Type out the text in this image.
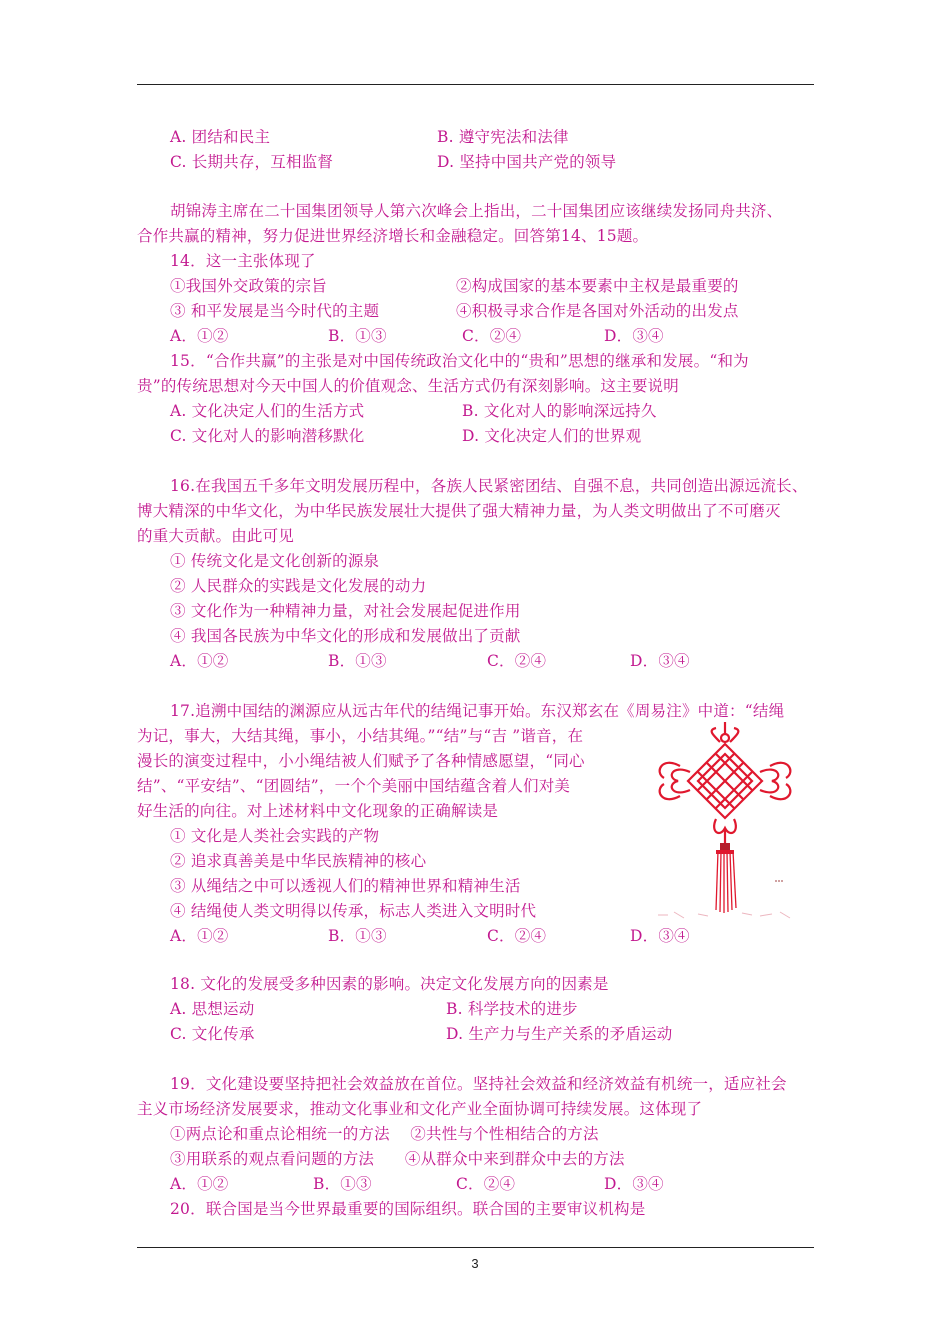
A. 团结和民主	B. 遵守宪法和法律
C. 长期共存，互相监督	D. 坚持中国共产党的领导
胡锦涛主席在二十国集团领导人第六次峰会上指出，二十国集团应该继续发扬同舟共济、
合作共赢的精神，努力促进世界经济增长和金融稳定。回答第14、15题。
14．这一主张体现了
①我国外交政策的宗旨	②构成国家的基本要素中主权是最重要的
③ 和平发展是当今时代的主题	④积极寻求合作是各国对外活动的出发点
A．①②	B．①③	C．②④	D．③④
15．“合作共赢”的主张是对中国传统政治文化中的“贵和”思想的继承和发展。“和为
贵”的传统思想对今天中国人的价值观念、生活方式仍有深刻影响。这主要说明
A. 文化决定人们的生活方式	B. 文化对人的影响深远持久
C. 文化对人的影响潜移默化	D. 文化决定人们的世界观
16.在我国五千多年文明发展历程中，各族人民紧密团结、自强不息，共同创造出源远流长、
博大精深的中华文化，为中华民族发展壮大提供了强大精神力量，为人类文明做出了不可磨灭
的重大贡献。由此可见
① 传统文化是文化创新的源泉
② 人民群众的实践是文化发展的动力
③ 文化作为一种精神力量，对社会发展起促进作用
④ 我国各民族为中华文化的形成和发展做出了贡献
A．①②	B．①③	C．②④	D．③④
17.追溯中国结的渊源应从远古年代的结绳记事开始。东汉郑玄在《周易注》中道：“结绳
为记，事大，大结其绳，事小，小结其绳。”“结”与“吉 ”谐音，在
漫长的演变过程中，小小绳结被人们赋予了各种情感愿望，“同心
结”、“平安结”、“团圆结”，一个个美丽中国结蕴含着人们对美
好生活的向往。对上述材料中文化现象的正确解读是
① 文化是人类社会实践的产物
② 追求真善美是中华民族精神的核心
③ 从绳结之中可以透视人们的精神世界和精神生活
④ 结绳使人类文明得以传承，标志人类进入文明时代
A．①②	B．①③	C．②④	D．③④
18. 文化的发展受多种因素的影响。决定文化发展方向的因素是
A. 思想运动	B. 科学技术的进步
C. 文化传承	D. 生产力与生产关系的矛盾运动
19．文化建设要坚持把社会效益放在首位。坚持社会效益和经济效益有机统一，适应社会
主义市场经济发展要求，推动文化事业和文化产业全面协调可持续发展。这体现了
①两点论和重点论相统一的方法    ②共性与个性相结合的方法
③用联系的观点看问题的方法      ④从群众中来到群众中去的方法
A．①②	B．①③	C．②④	D．③④
20．联合国是当今世界最重要的国际组织。联合国的主要审议机构是
3
